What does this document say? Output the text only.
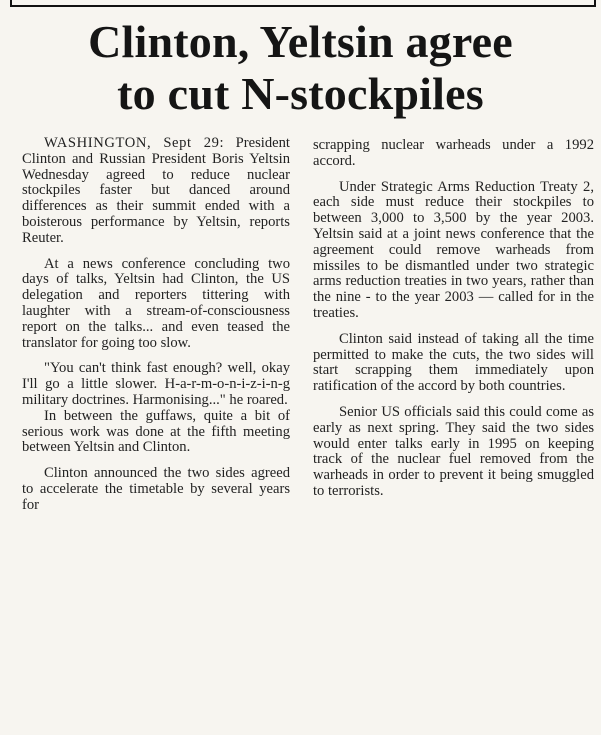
Clinton, Yeltsin agree
to cut N-stockpiles

WASHINGTON, Sept 29: President Clinton and Russian President Boris Yeltsin Wednesday agreed to reduce nuclear stockpiles faster but danced around differences as their summit ended with a boisterous performance by Yeltsin, reports Reuter.

At a news conference concluding two days of talks, Yeltsin had Clinton, the US delegation and reporters tittering with laughter with a stream-of-consciousness report on the talks... and even teased the translator for going too slow.

"You can't think fast enough? well, okay I'll go a little slower. H-a-r-m-o-n-i-z-i-n-g military doctrines. Harmonising..." he roared.

In between the guffaws, quite a bit of serious work was done at the fifth meeting between Yeltsin and Clinton.

Clinton announced the two sides agreed to accelerate the timetable by several years for

scrapping nuclear warheads under a 1992 accord.

Under Strategic Arms Reduction Treaty 2, each side must reduce their stockpiles to between 3,000 to 3,500 by the year 2003. Yeltsin said at a joint news conference that the agreement could remove warheads from missiles to be dismantled under two strategic arms reduction treaties in two years, rather than the nine - to the year 2003 — called for in the treaties.

Clinton said instead of taking all the time permitted to make the cuts, the two sides will start scrapping them immediately upon ratification of the accord by both countries.

Senior US officials said this could come as early as next spring. They said the two sides would enter talks early in 1995 on keeping track of the nuclear fuel removed from the warheads in order to prevent it being smuggled to terrorists.
